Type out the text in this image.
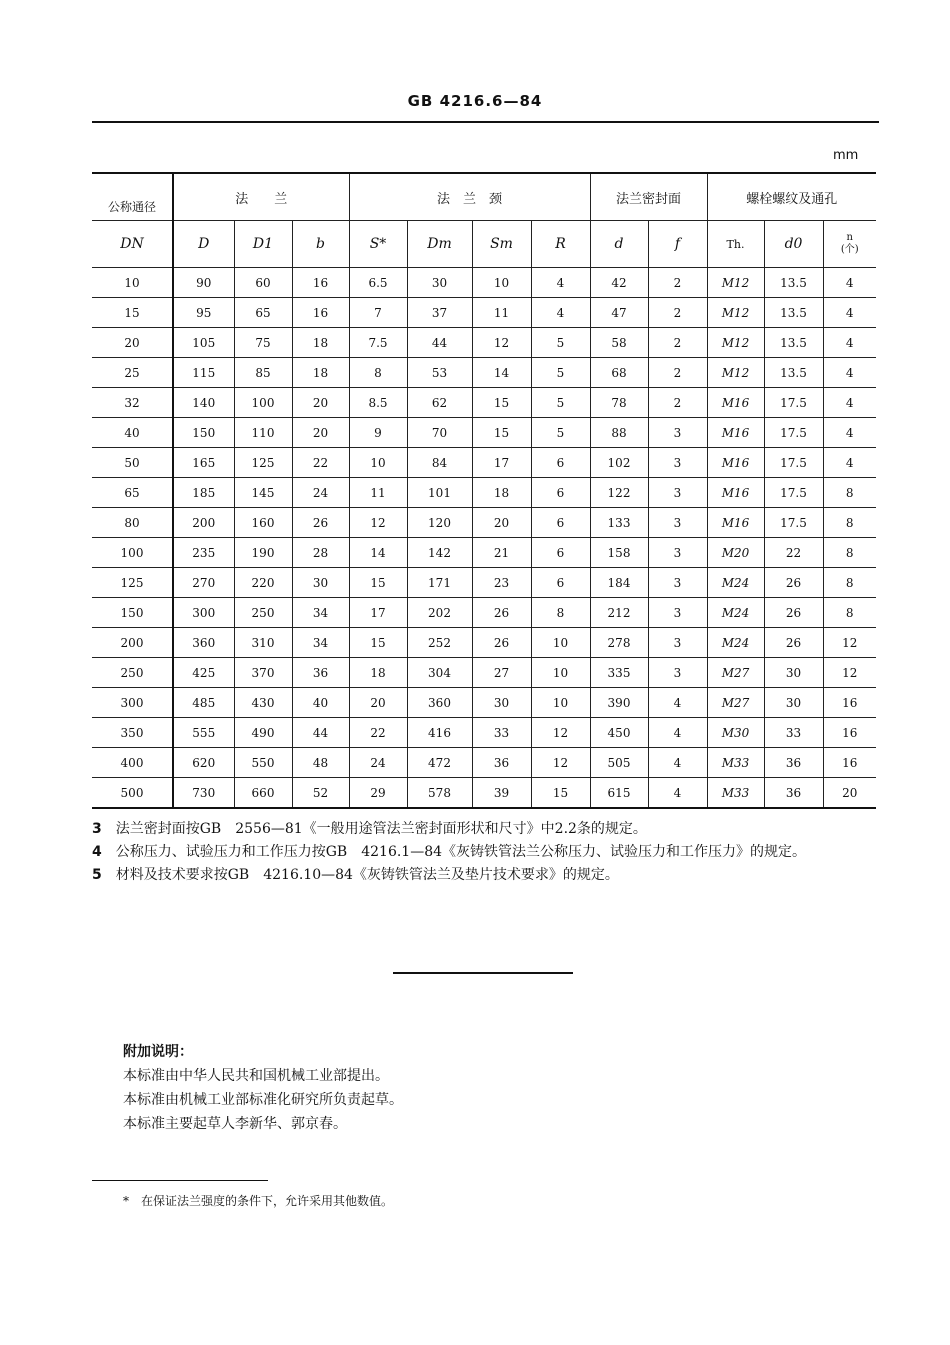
GB 4216.6—84
mm
公称通径	法　　兰			法　兰　颈				法兰密封面		螺栓螺纹及通孔		
DN	D	D1	b	S*	Dm	Sm	R	d	f	Th.	d0	n
(个)

10	90	60	16	6.5	30	10	4	42	2	M12	13.5	4
15	95	65	16	7	37	11	4	47	2	M12	13.5	4
20	105	75	18	7.5	44	12	5	58	2	M12	13.5	4
25	115	85	18	8	53	14	5	68	2	M12	13.5	4
32	140	100	20	8.5	62	15	5	78	2	M16	17.5	4
40	150	110	20	9	70	15	5	88	3	M16	17.5	4
50	165	125	22	10	84	17	6	102	3	M16	17.5	4
65	185	145	24	11	101	18	6	122	3	M16	17.5	8
80	200	160	26	12	120	20	6	133	3	M16	17.5	8
100	235	190	28	14	142	21	6	158	3	M20	22	8
125	270	220	30	15	171	23	6	184	3	M24	26	8
150	300	250	34	17	202	26	8	212	3	M24	26	8
200	360	310	34	15	252	26	10	278	3	M24	26	12
250	425	370	36	18	304	27	10	335	3	M27	30	12
300	485	430	40	20	360	30	10	390	4	M27	30	16
350	555	490	44	22	416	33	12	450	4	M30	33	16
400	620	550	48	24	472	36	12	505	4	M33	36	16
500	730	660	52	29	578	39	15	615	4	M33	36	20

3 法兰密封面按GB　2556—81《一般用途管法兰密封面形状和尺寸》中2.2条的规定。

4 公称压力、试验压力和工作压力按GB　4216.1—84《灰铸铁管法兰公称压力、试验压力和工作压力》的规定。

5 材料及技术要求按GB　4216.10—84《灰铸铁管法兰及垫片技术要求》的规定。

附加说明：

本标准由中华人民共和国机械工业部提出。

本标准由机械工业部标准化研究所负责起草。

本标准主要起草人李新华、郭京春。

*　在保证法兰强度的条件下，允许采用其他数值。
